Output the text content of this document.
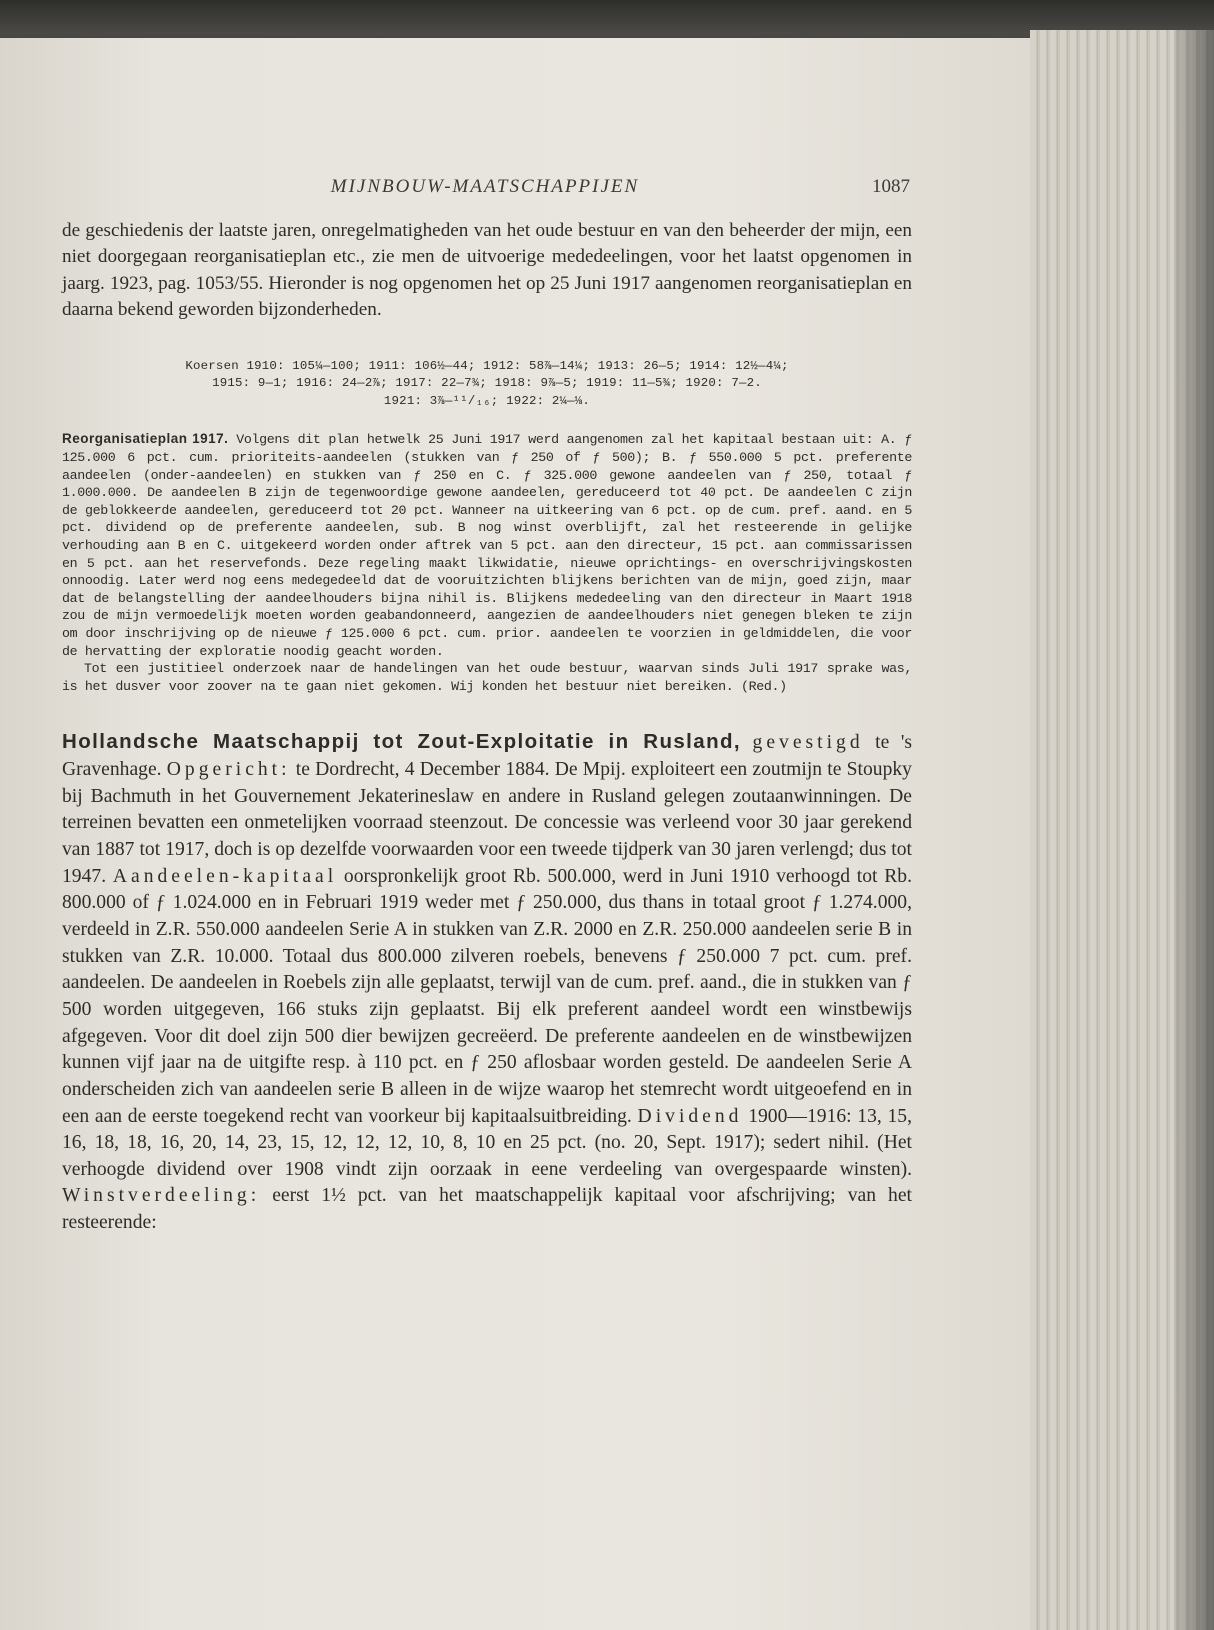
MIJNBOUW-MAATSCHAPPIJEN	1087

de geschiedenis der laatste jaren, onregelmatigheden van het oude bestuur en van den beheerder der mijn, een niet doorgegaan reorganisatieplan etc., zie men de uitvoerige mededeelingen, voor het laatst opgenomen in jaarg. 1923, pag. 1053/55. Hieronder is nog opgenomen het op 25 Juni 1917 aangenomen reorganisatieplan en daarna bekend geworden bijzonderheden.

Koersen 1910: 105¼—100; 1911: 106½—44; 1912: 58⅞—14¼; 1913: 26—5; 1914: 12½—4¼;
1915: 9—1; 1916: 24—2⅞; 1917: 22—7¾; 1918: 9⅞—5; 1919: 11—5¾; 1920: 7—2.
1921: 3⅞—¹¹/₁₆; 1922: 2¼—⅛.

Reorganisatieplan 1917. Volgens dit plan hetwelk 25 Juni 1917 werd aangenomen zal het kapitaal bestaan uit: A. ƒ 125.000 6 pct. cum. prioriteits-aandeelen (stukken van ƒ 250 of ƒ 500); B. ƒ 550.000 5 pct. preferente aandeelen (onder-aandeelen) en stukken van ƒ 250 en C. ƒ 325.000 gewone aandeelen van ƒ 250, totaal ƒ 1.000.000. De aandeelen B zijn de tegenwoordige gewone aandeelen, gereduceerd tot 40 pct. De aandeelen C zijn de geblokkeerde aandeelen, gereduceerd tot 20 pct. Wanneer na uitkeering van 6 pct. op de cum. pref. aand. en 5 pct. dividend op de preferente aandeelen, sub. B nog winst overblijft, zal het resteerende in gelijke verhouding aan B en C. uitgekeerd worden onder aftrek van 5 pct. aan den directeur, 15 pct. aan commissarissen en 5 pct. aan het reservefonds. Deze regeling maakt likwidatie, nieuwe oprichtings- en overschrijvingskosten onnoodig. Later werd nog eens medegedeeld dat de vooruitzichten blijkens berichten van de mijn, goed zijn, maar dat de belangstelling der aandeelhouders bijna nihil is. Blijkens mededeeling van den directeur in Maart 1918 zou de mijn vermoedelijk moeten worden geabandonneerd, aangezien de aandeelhouders niet genegen bleken te zijn om door inschrijving op de nieuwe ƒ 125.000 6 pct. cum. prior. aandeelen te voorzien in geldmiddelen, die voor de hervatting der exploratie noodig geacht worden.

Tot een justitieel onderzoek naar de handelingen van het oude bestuur, waarvan sinds Juli 1917 sprake was, is het dusver voor zoover na te gaan niet gekomen. Wij konden het bestuur niet bereiken. (Red.)

Hollandsche Maatschappij tot Zout-Exploitatie in Rusland, gevestigd te 's Gravenhage. Opgericht: te Dordrecht, 4 December 1884. De Mpij. exploiteert een zoutmijn te Stoupky bij Bachmuth in het Gouvernement Jekaterineslaw en andere in Rusland gelegen zoutaanwinningen. De terreinen bevatten een onmetelijken voorraad steenzout. De concessie was verleend voor 30 jaar gerekend van 1887 tot 1917, doch is op dezelfde voorwaarden voor een tweede tijdperk van 30 jaren verlengd; dus tot 1947. Aandeelen-kapitaal oorspronkelijk groot Rb. 500.000, werd in Juni 1910 verhoogd tot Rb. 800.000 of ƒ 1.024.000 en in Februari 1919 weder met ƒ 250.000, dus thans in totaal groot ƒ 1.274.000, verdeeld in Z.R. 550.000 aandeelen Serie A in stukken van Z.R. 2000 en Z.R. 250.000 aandeelen serie B in stukken van Z.R. 10.000. Totaal dus 800.000 zilveren roebels, benevens ƒ 250.000 7 pct. cum. pref. aandeelen. De aandeelen in Roebels zijn alle geplaatst, terwijl van de cum. pref. aand., die in stukken van ƒ 500 worden uitgegeven, 166 stuks zijn geplaatst. Bij elk preferent aandeel wordt een winstbewijs afgegeven. Voor dit doel zijn 500 dier bewijzen gecreëerd. De preferente aandeelen en de winstbewijzen kunnen vijf jaar na de uitgifte resp. à 110 pct. en ƒ 250 aflosbaar worden gesteld. De aandeelen Serie A onderscheiden zich van aandeelen serie B alleen in de wijze waarop het stemrecht wordt uitgeoefend en in een aan de eerste toegekend recht van voorkeur bij kapitaalsuitbreiding. Dividend 1900—1916: 13, 15, 16, 18, 18, 16, 20, 14, 23, 15, 12, 12, 12, 10, 8, 10 en 25 pct. (no. 20, Sept. 1917); sedert nihil. (Het verhoogde dividend over 1908 vindt zijn oorzaak in eene verdeeling van overgespaarde winsten). Winstverdeeling: eerst 1½ pct. van het maatschappelijk kapitaal voor afschrijving; van het resteerende:
